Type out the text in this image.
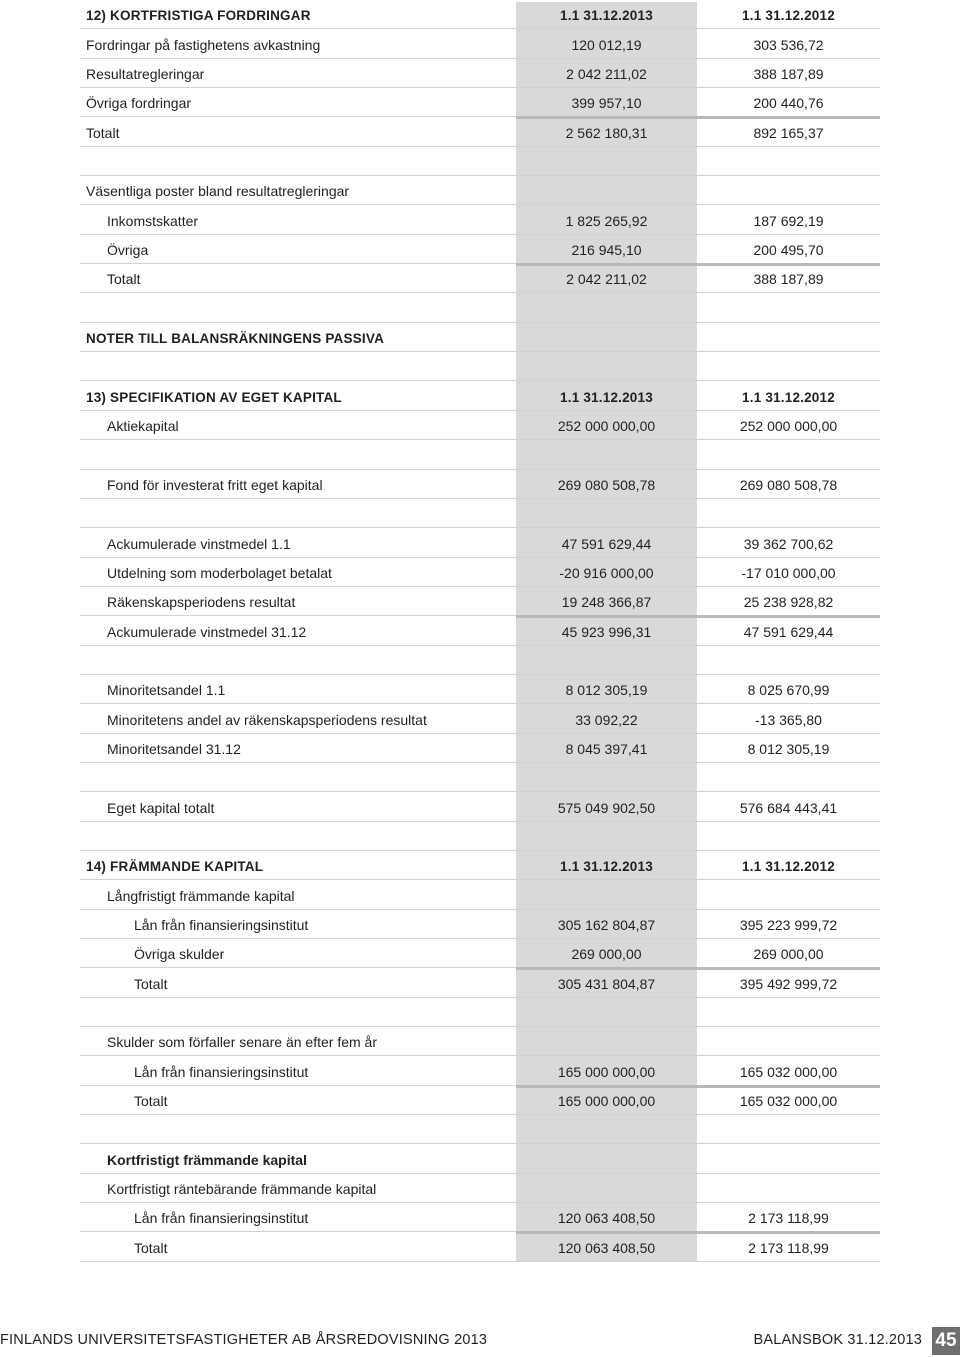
12) KORTFRISTIGA FORDRINGAR	1.1 31.12.2013	1.1 31.12.2012
Fordringar på fastighetens avkastning	120 012,19	303 536,72
Resultatregleringar	2 042 211,02	388 187,89
Övriga fordringar	399 957,10	200 440,76
Totalt	2 562 180,31	892 165,37
Väsentliga poster bland resultatregleringar
Inkomstskatter	1 825 265,92	187 692,19
Övriga	216 945,10	200 495,70
Totalt	2 042 211,02	388 187,89
NOTER TILL BALANSRÄKNINGENS PASSIVA
13) SPECIFIKATION AV EGET KAPITAL	1.1 31.12.2013	1.1 31.12.2012
Aktiekapital	252 000 000,00	252 000 000,00
Fond för investerat fritt eget kapital	269 080 508,78	269 080 508,78
Ackumulerade vinstmedel 1.1	47 591 629,44	39 362 700,62
Utdelning som moderbolaget betalat	-20 916 000,00	-17 010 000,00
Räkenskapsperiodens resultat	19 248 366,87	25 238 928,82
Ackumulerade vinstmedel 31.12	45 923 996,31	47 591 629,44
Minoritetsandel 1.1	8 012 305,19	8 025 670,99
Minoritetens andel av räkenskapsperiodens resultat	33 092,22	-13 365,80
Minoritetsandel 31.12	8 045 397,41	8 012 305,19
Eget kapital totalt	575 049 902,50	576 684 443,41
14) FRÄMMANDE KAPITAL	1.1 31.12.2013	1.1 31.12.2012
Långfristigt främmande kapital
Lån från finansieringsinstitut	305 162 804,87	395 223 999,72
Övriga skulder	269 000,00	269 000,00
Totalt	305 431 804,87	395 492 999,72
Skulder som förfaller senare än efter fem år
Lån från finansieringsinstitut	165 000 000,00	165 032 000,00
Totalt	165 000 000,00	165 032 000,00
Kortfristigt främmande kapital
Kortfristigt räntebärande främmande kapital
Lån från finansieringsinstitut	120 063 408,50	2 173 118,99
Totalt	120 063 408,50	2 173 118,99
FINLANDS UNIVERSITETSFASTIGHETER AB ÅRSREDOVISNING 2013	BALANSBOK 31.12.2013 45
